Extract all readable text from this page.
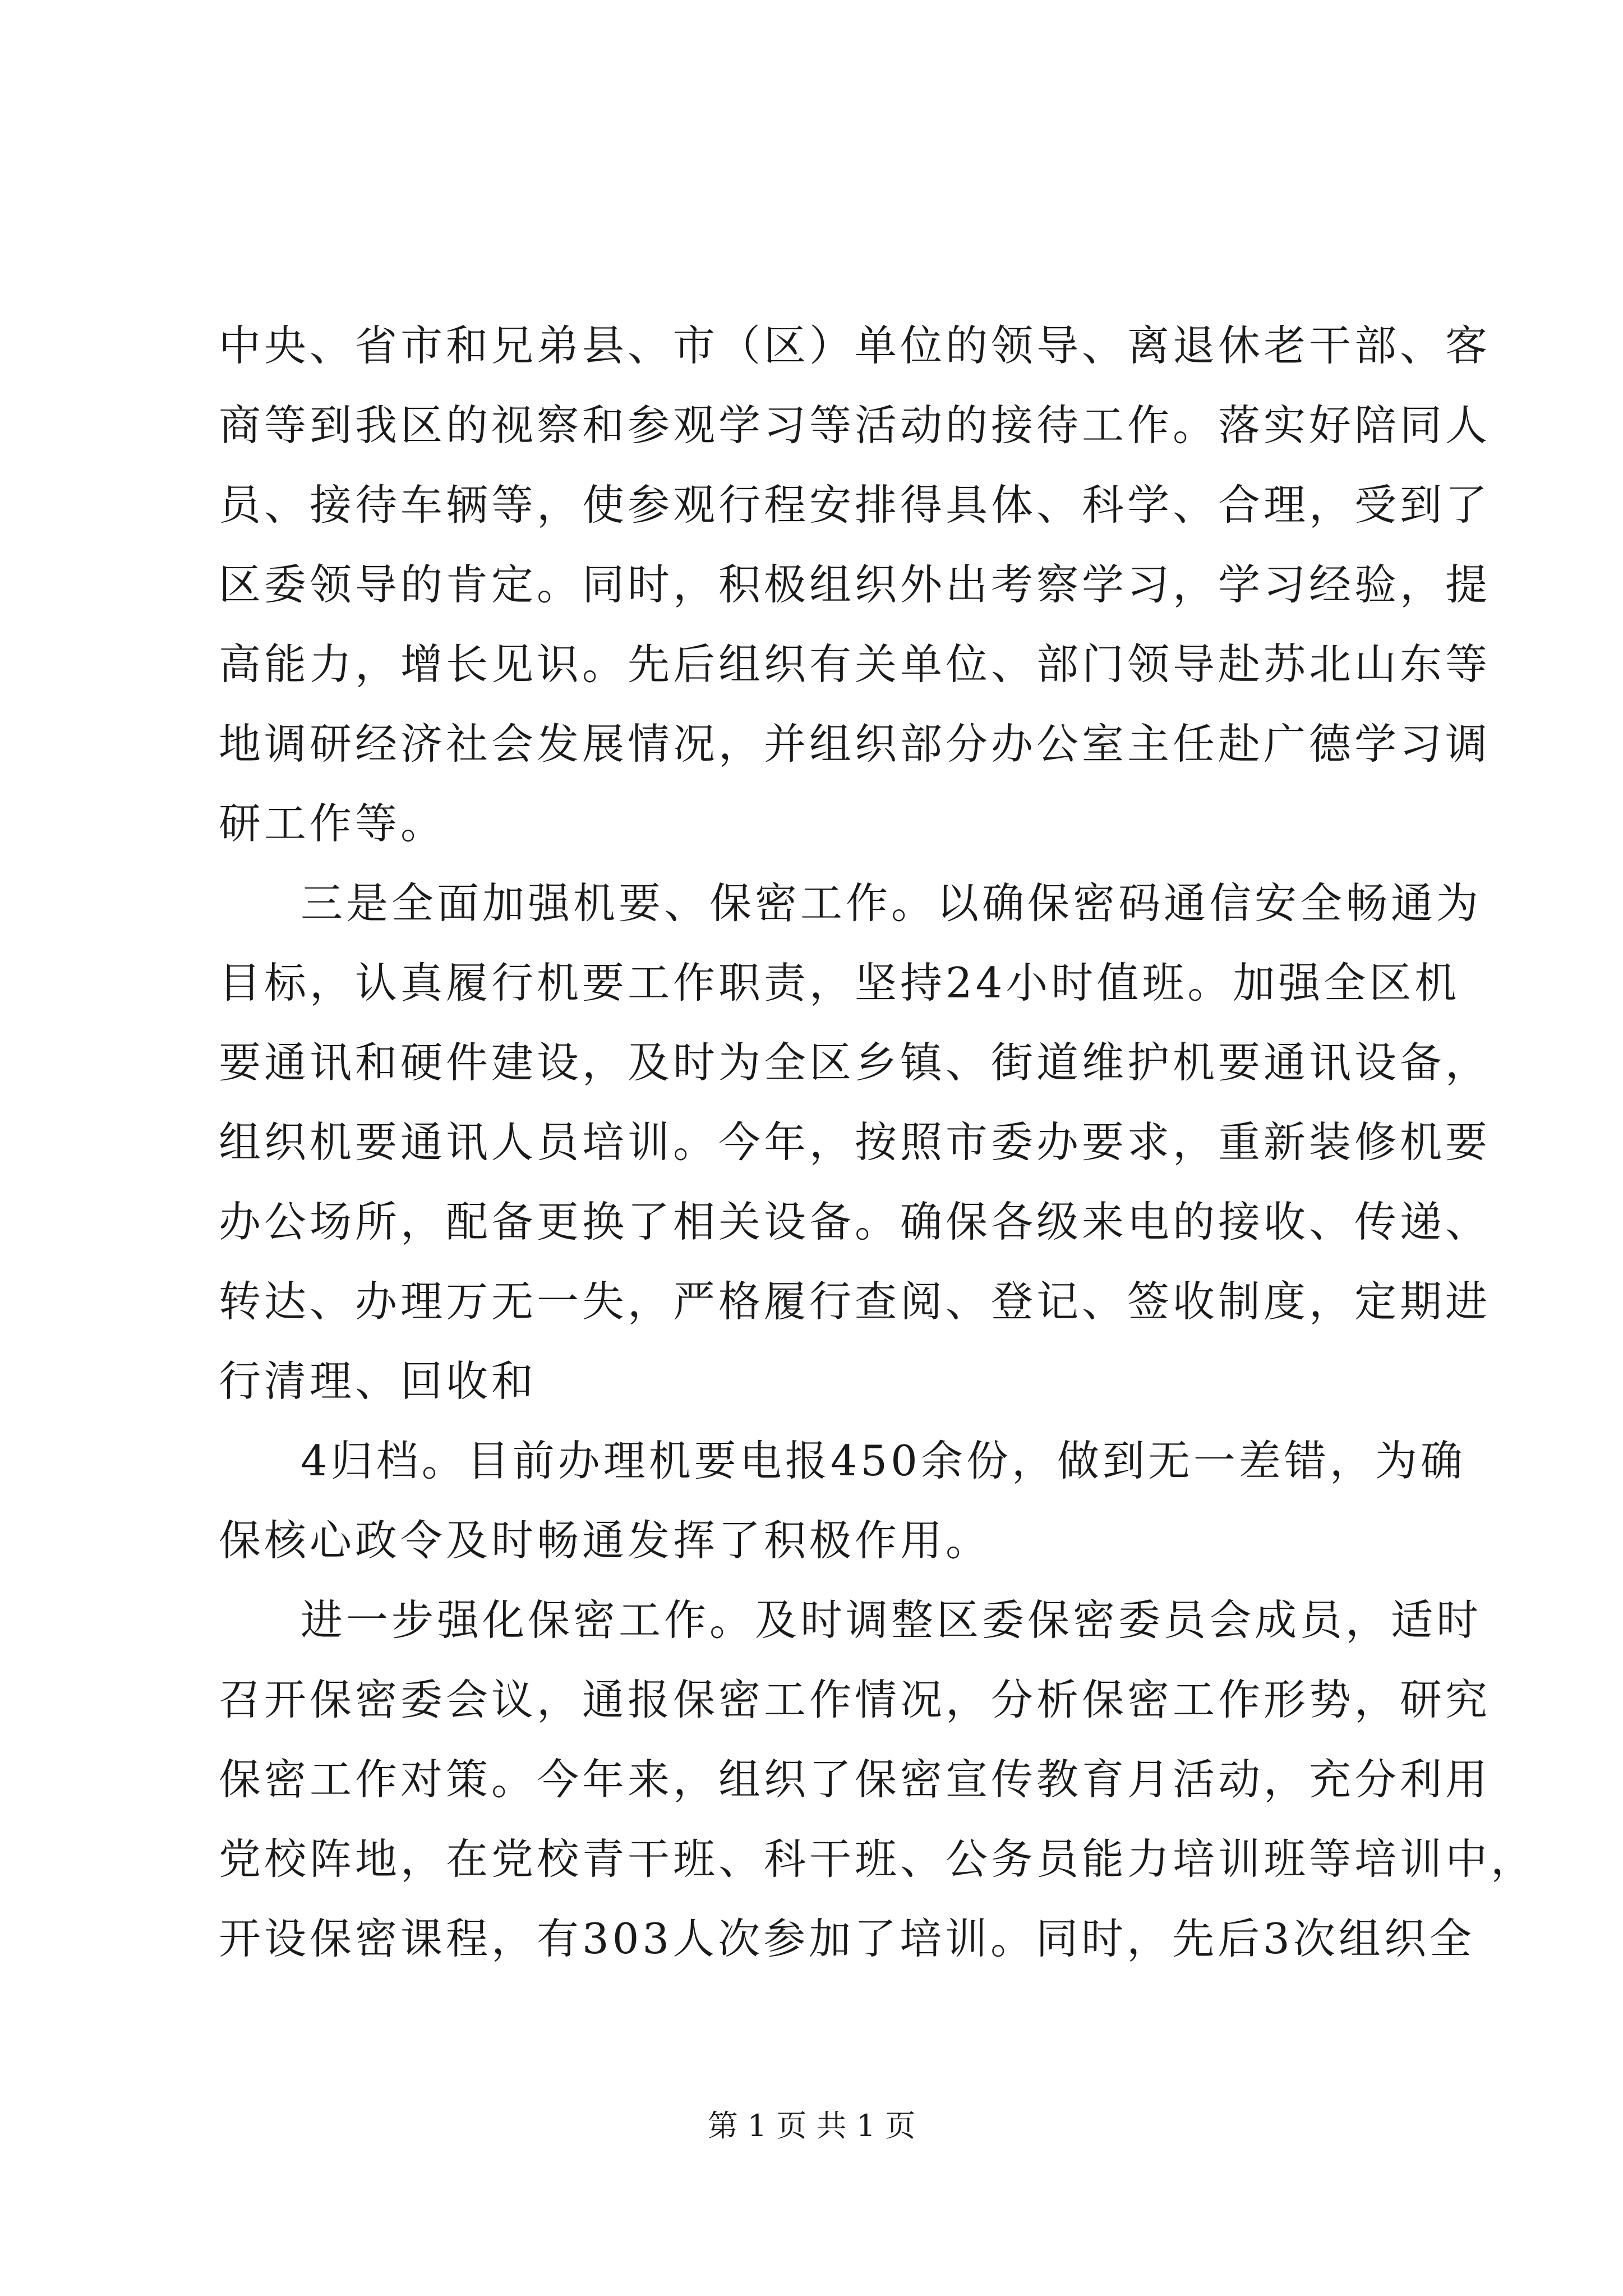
中央、省市和兄弟县、市（区）单位的领导、离退休老干部、客
商等到我区的视察和参观学习等活动的接待工作。落实好陪同人
员、接待车辆等，使参观行程安排得具体、科学、合理，受到了
区委领导的肯定。同时，积极组织外出考察学习，学习经验，提
高能力，增长见识。先后组织有关单位、部门领导赴苏北山东等
地调研经济社会发展情况，并组织部分办公室主任赴广德学习调
研工作等。
三是全面加强机要、保密工作。以确保密码通信安全畅通为
目标，认真履行机要工作职责，坚持24小时值班。加强全区机
要通讯和硬件建设，及时为全区乡镇、街道维护机要通讯设备，
组织机要通讯人员培训。今年，按照市委办要求，重新装修机要
办公场所，配备更换了相关设备。确保各级来电的接收、传递、
转达、办理万无一失，严格履行查阅、登记、签收制度，定期进
行清理、回收和
4归档。目前办理机要电报450余份，做到无一差错，为确
保核心政令及时畅通发挥了积极作用。
进一步强化保密工作。及时调整区委保密委员会成员，适时
召开保密委会议，通报保密工作情况，分析保密工作形势，研究
保密工作对策。今年来，组织了保密宣传教育月活动，充分利用
党校阵地，在党校青干班、科干班、公务员能力培训班等培训中，
开设保密课程，有303人次参加了培训。同时，先后3次组织全
第 1 页 共 1 页
